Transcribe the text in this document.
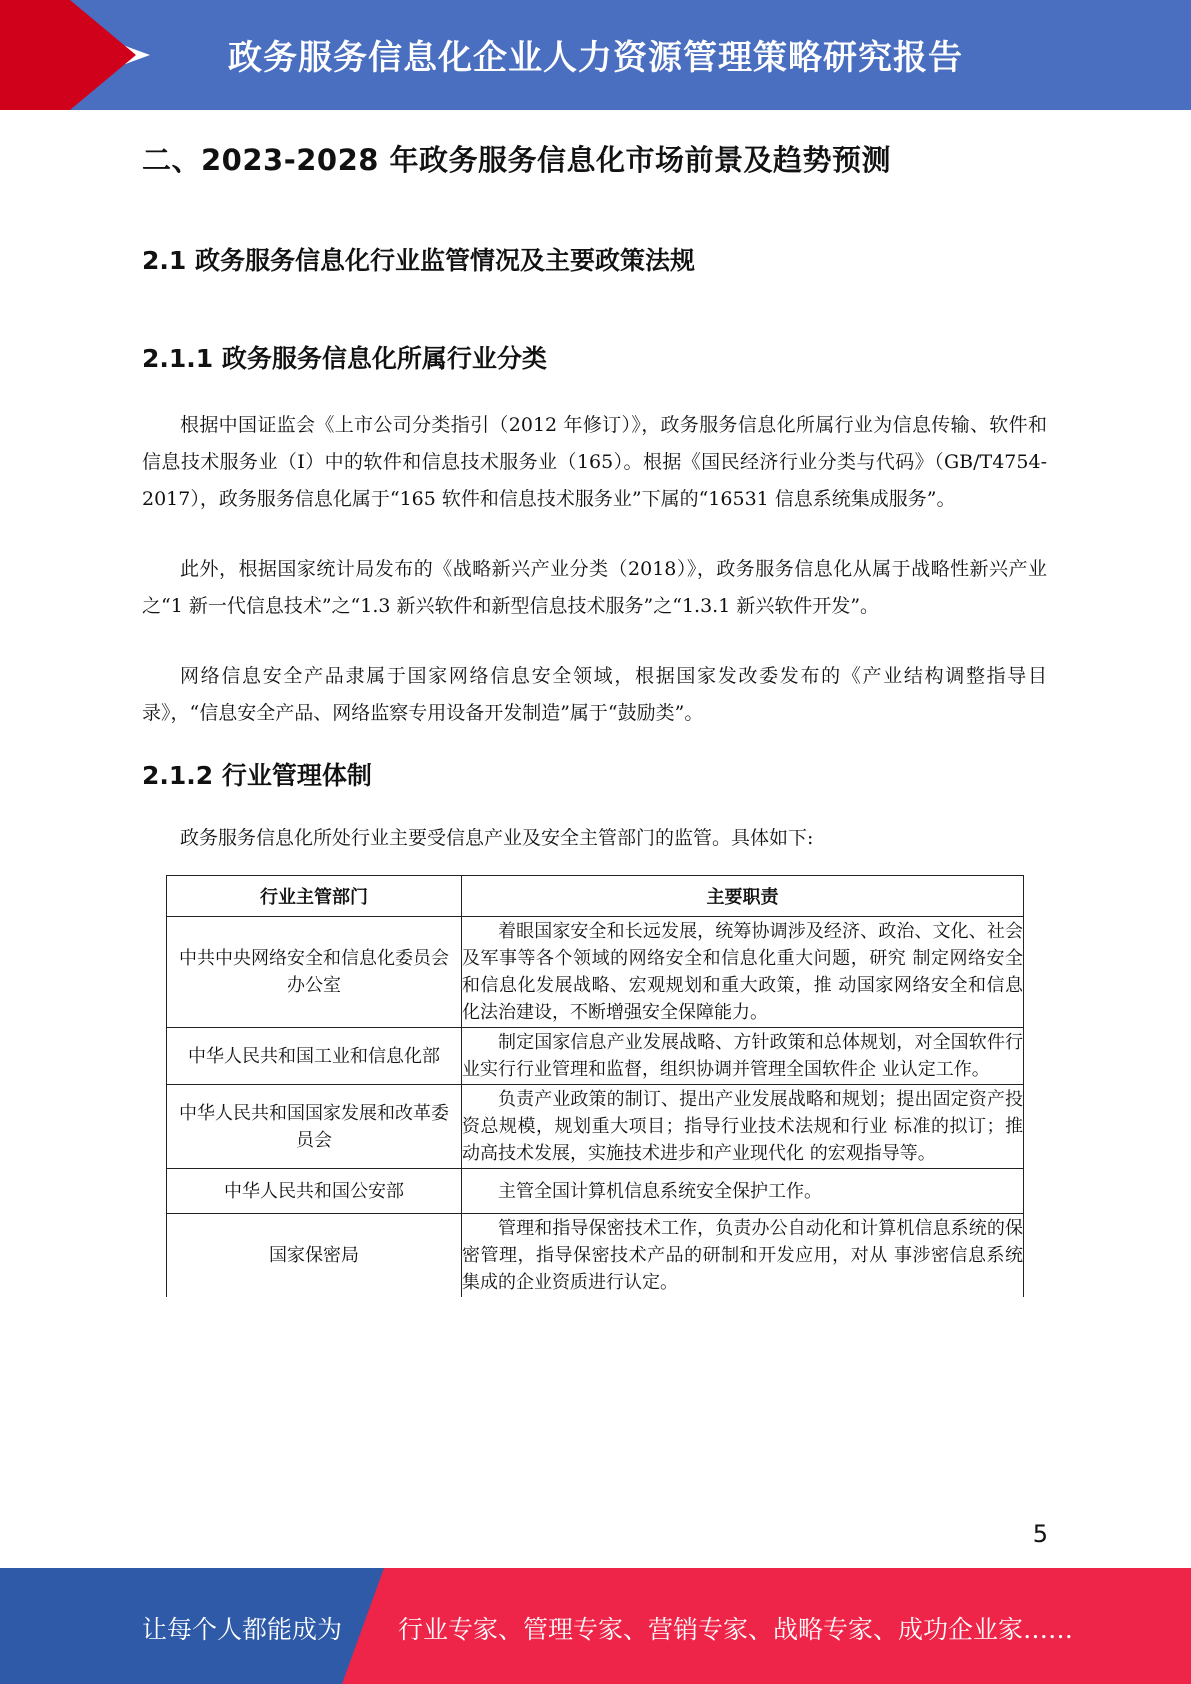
政务服务信息化企业人力资源管理策略研究报告
二、2023-2028 年政务服务信息化市场前景及趋势预测
2.1 政务服务信息化行业监管情况及主要政策法规
2.1.1 政务服务信息化所属行业分类

根据中国证监会《上市公司分类指引（2012 年修订）》，政务服务信息化所属行业为信息传输、软件和信息技术服务业（I）中的软件和信息技术服务业（165）。根据《国民经济行业分类与代码》（GB/T4754-2017），政务服务信息化属于“165 软件和信息技术服务业”下属的“16531 信息系统集成服务”。

此外，根据国家统计局发布的《战略新兴产业分类（2018）》，政务服务信息化从属于战略性新兴产业之“1 新一代信息技术”之“1.3 新兴软件和新型信息技术服务”之“1.3.1 新兴软件开发”。

网络信息安全产品隶属于国家网络信息安全领域，根据国家发改委发布的《产业结构调整指导目录》，“信息安全产品、网络监察专用设备开发制造”属于“鼓励类”。

2.1.2 行业管理体制

政务服务信息化所处行业主要受信息产业及安全主管部门的监管。具体如下:

行业主管部门	主要职责
中共中央网络安全和信息化委员会办公室	着眼国家安全和长远发展，统筹协调涉及经济、政治、文化、社会及军事等各个领域的网络安全和信息化重大问题，研究 制定网络安全和信息化发展战略、宏观规划和重大政策，推 动国家网络安全和信息化法治建设，不断增强安全保障能力。
中华人民共和国工业和信息化部	制定国家信息产业发展战略、方针政策和总体规划，对全国软件行业实行行业管理和监督，组织协调并管理全国软件企 业认定工作。
中华人民共和国国家发展和改革委员会	负责产业政策的制订、提出产业发展战略和规划；提出固定资产投资总规模，规划重大项目；指导行业技术法规和行业 标准的拟订；推动高技术发展，实施技术进步和产业现代化 的宏观指导等。
中华人民共和国公安部	主管全国计算机信息系统安全保护工作。
国家保密局	管理和指导保密技术工作，负责办公自动化和计算机信息系统的保密管理，指导保密技术产品的研制和开发应用，对从 事涉密信息系统集成的企业资质进行认定。
5
让每个人都能成为 行业专家、管理专家、营销专家、战略专家、成功企业家……
